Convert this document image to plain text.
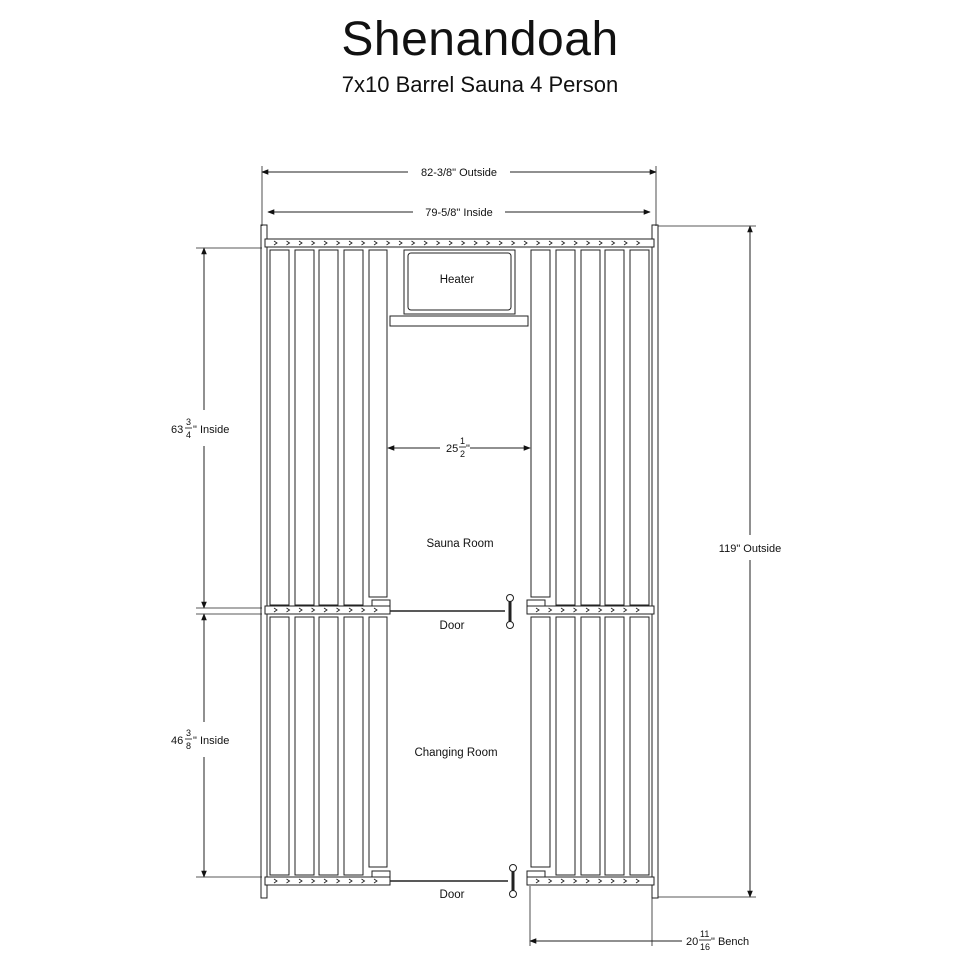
Shenandoah
7x10 Barrel Sauna 4 Person
Heater
Door
Door
Sauna Room
Changing Room
82-3/8" Outside
79-5/8" Inside
63
3
4 " Inside
46
3
8 " Inside
119" Outside
25
1
2 "
20
11
16 " Bench
